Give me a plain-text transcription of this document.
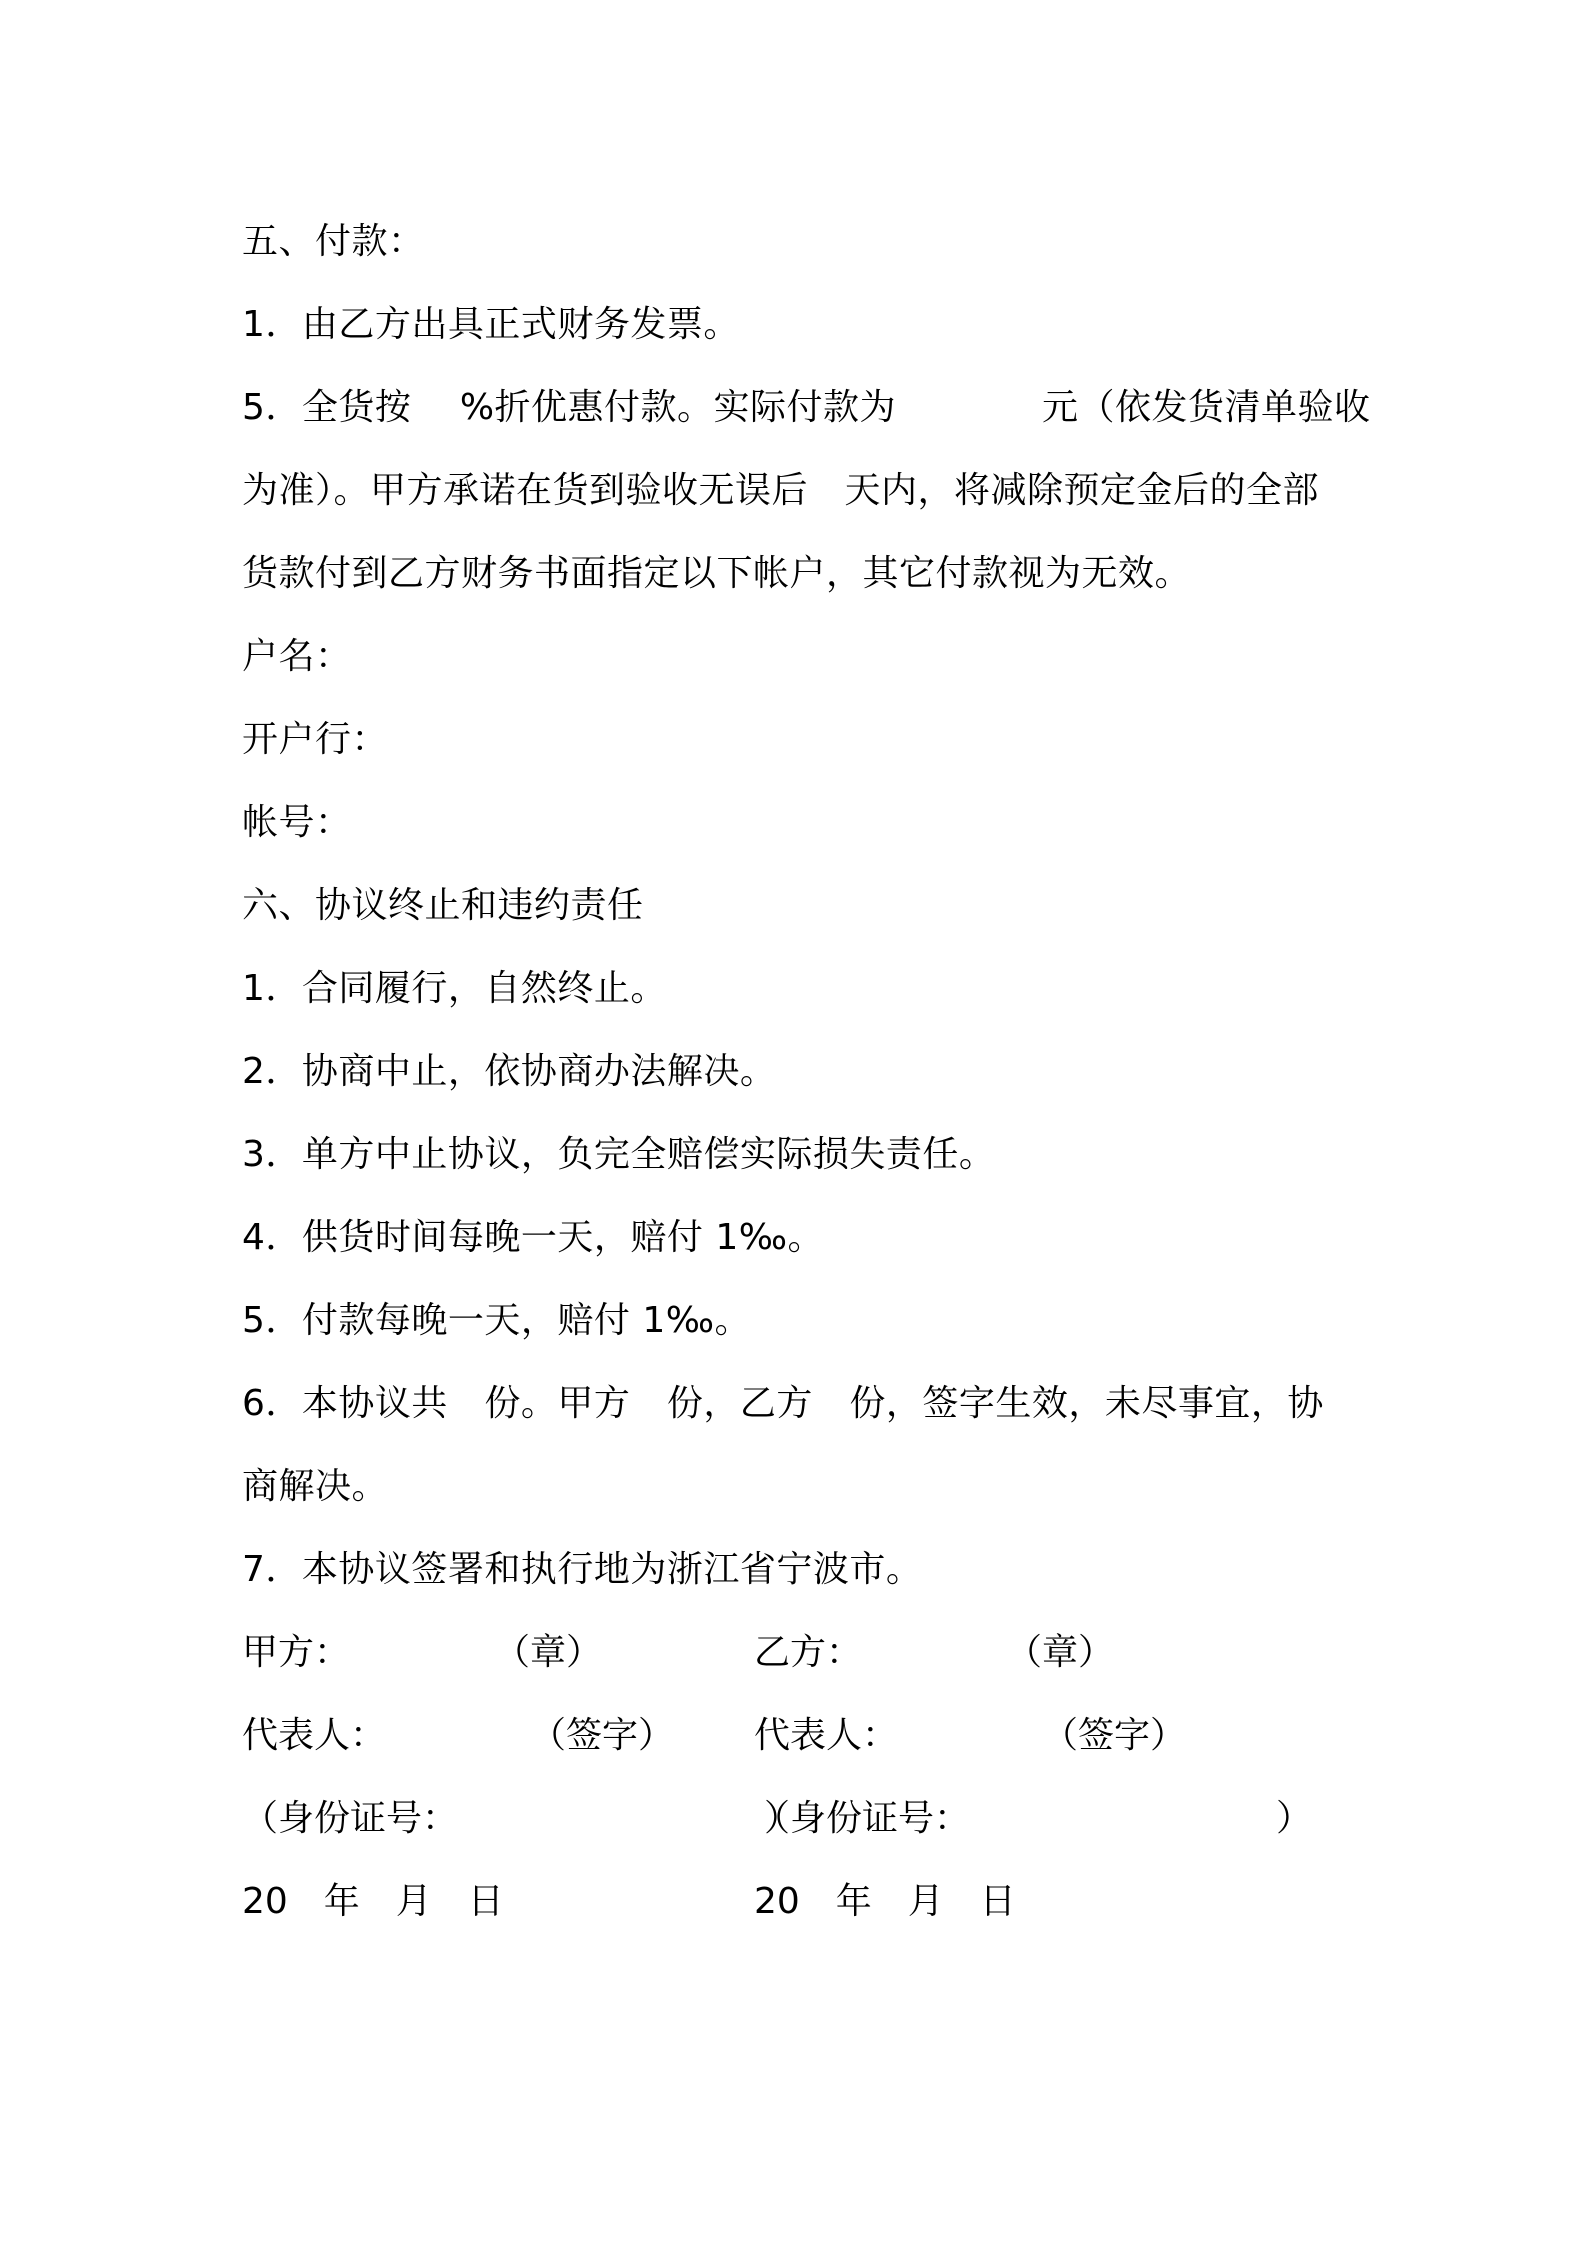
五、付款：
1．由乙方出具正式财务发票。
5．全货按　 %折优惠付款。实际付款为　　　　元（依发货清单验收
为准）。甲方承诺在货到验收无误后　天内，将减除预定金后的全部
货款付到乙方财务书面指定以下帐户，其它付款视为无效。
户名：
开户行：
帐号：
六、协议终止和违约责任
1．合同履行，自然终止。
2．协商中止，依协商办法解决。
3．单方中止协议，负完全赔偿实际损失责任。
4．供货时间每晚一天，赔付 1‰。
5．付款每晚一天，赔付 1‰。
6．本协议共　份。甲方　份，乙方　份，签字生效，未尽事宜，协
商解决。
7．本协议签署和执行地为浙江省宁波市。

甲方：　　　　　（章）

	乙方：　　　　　（章）

代表人：　　　　　（签字）

代表人：　　　　　（签字）

（身份证号：　　　　　　　　　）

（身份证号：　　　　　　　　　）

20　年　月　日

	20　年　月　日
